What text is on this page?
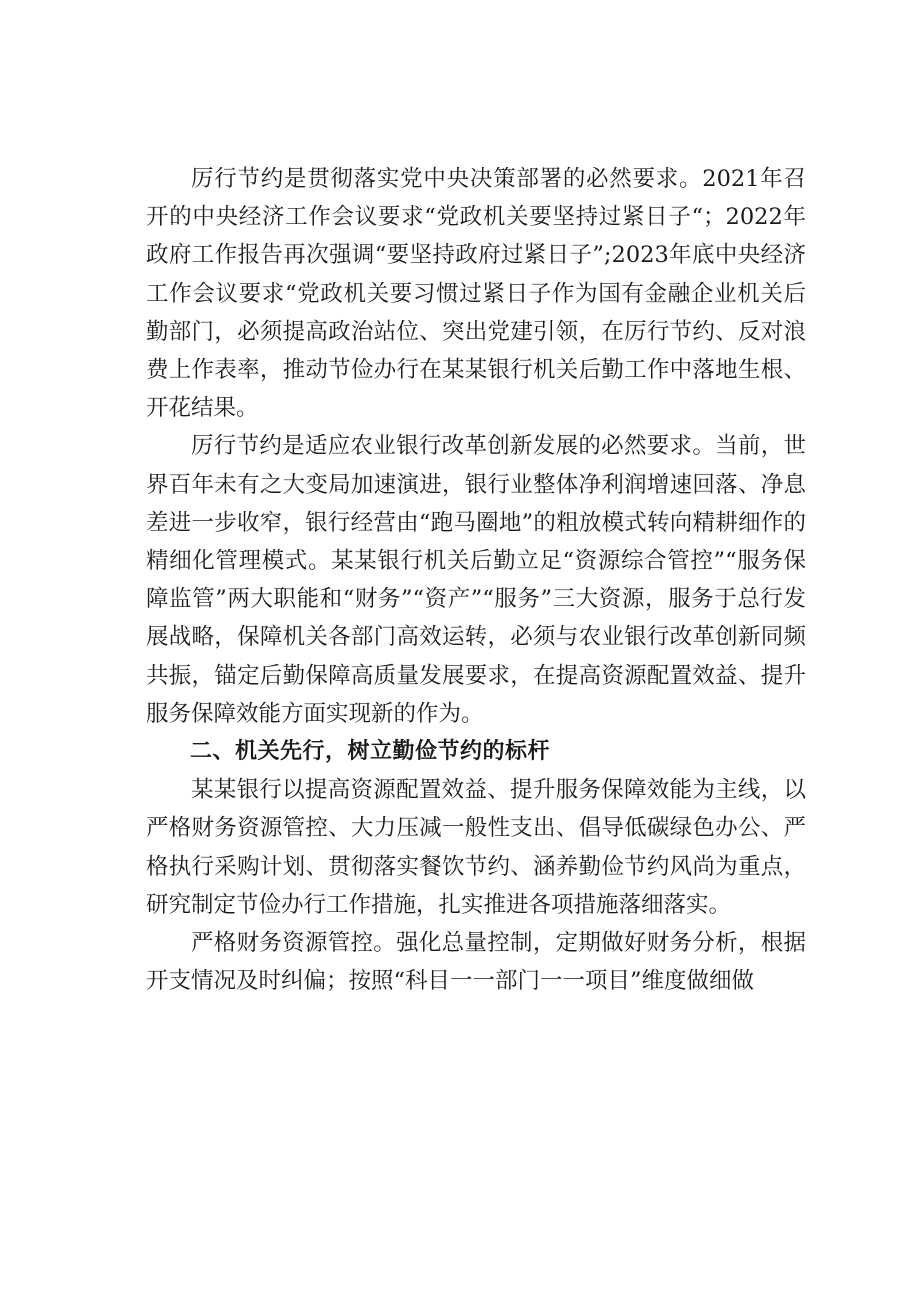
厉行节约是贯彻落实党中央决策部署的必然要求。2021年召开的中央经济工作会议要求“党政机关要坚持过紧日子“；2022年政府工作报告再次强调“要坚持政府过紧日子”;2023年底中央经济工作会议要求“党政机关要习惯过紧日子作为国有金融企业机关后勤部门，必须提高政治站位、突出党建引领，在厉行节约、反对浪费上作表率，推动节俭办行在某某银行机关后勤工作中落地生根、开花结果。

厉行节约是适应农业银行改革创新发展的必然要求。当前，世界百年未有之大变局加速演进，银行业整体净利润增速回落、净息差进一步收窄，银行经营由“跑马圈地”的粗放模式转向精耕细作的精细化管理模式。某某银行机关后勤立足“资源综合管控”“服务保障监管”两大职能和“财务”“资产”“服务”三大资源，服务于总行发展战略，保障机关各部门高效运转，必须与农业银行改革创新同频共振，锚定后勤保障高质量发展要求，在提高资源配置效益、提升服务保障效能方面实现新的作为。

二、机关先行，树立勤俭节约的标杆

某某银行以提高资源配置效益、提升服务保障效能为主线，以严格财务资源管控、大力压减一般性支出、倡导低碳绿色办公、严格执行采购计划、贯彻落实餐饮节约、涵养勤俭节约风尚为重点，研究制定节俭办行工作措施，扎实推进各项措施落细落实。

严格财务资源管控。强化总量控制，定期做好财务分析，根据开支情况及时纠偏；按照“科目一一部门一一项目”维度做细做
